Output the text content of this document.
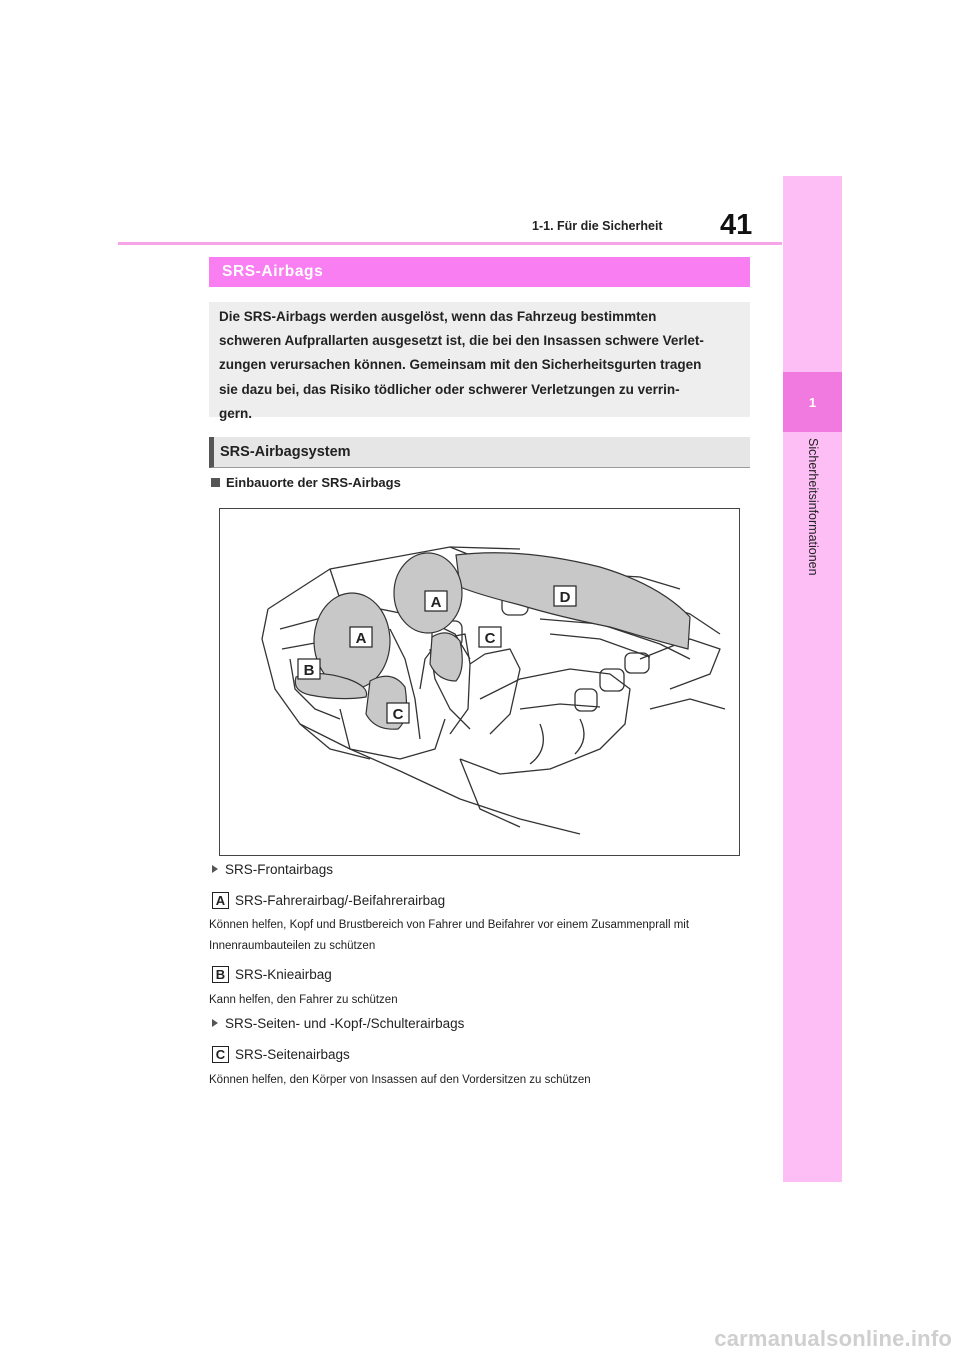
1-1. Für die Sicherheit 41
1
Sicherheitsinformationen
SRS-Airbags
Die SRS-Airbags werden ausgelöst, wenn das Fahrzeug bestimmten
schweren Aufprallarten ausgesetzt ist, die bei den Insassen schwere Verlet-
zungen verursachen können. Gemeinsam mit den Sicherheitsgurten tragen
sie dazu bei, das Risiko tödlicher oder schwerer Verletzungen zu verrin-
gern.
SRS-Airbagsystem
Einbauorte der SRS-Airbags
A
A
B
C
C
D
SRS-Frontairbags
A SRS-Fahrerairbag/-Beifahrerairbag
Können helfen, Kopf und Brustbereich von Fahrer und Beifahrer vor einem Zusammenprall mit
Innenraumbauteilen zu schützen
B SRS-Knieairbag
Kann helfen, den Fahrer zu schützen
SRS-Seiten- und -Kopf-/Schulterairbags
C SRS-Seitenairbags
Können helfen, den Körper von Insassen auf den Vordersitzen zu schützen
carmanualsonline.info
